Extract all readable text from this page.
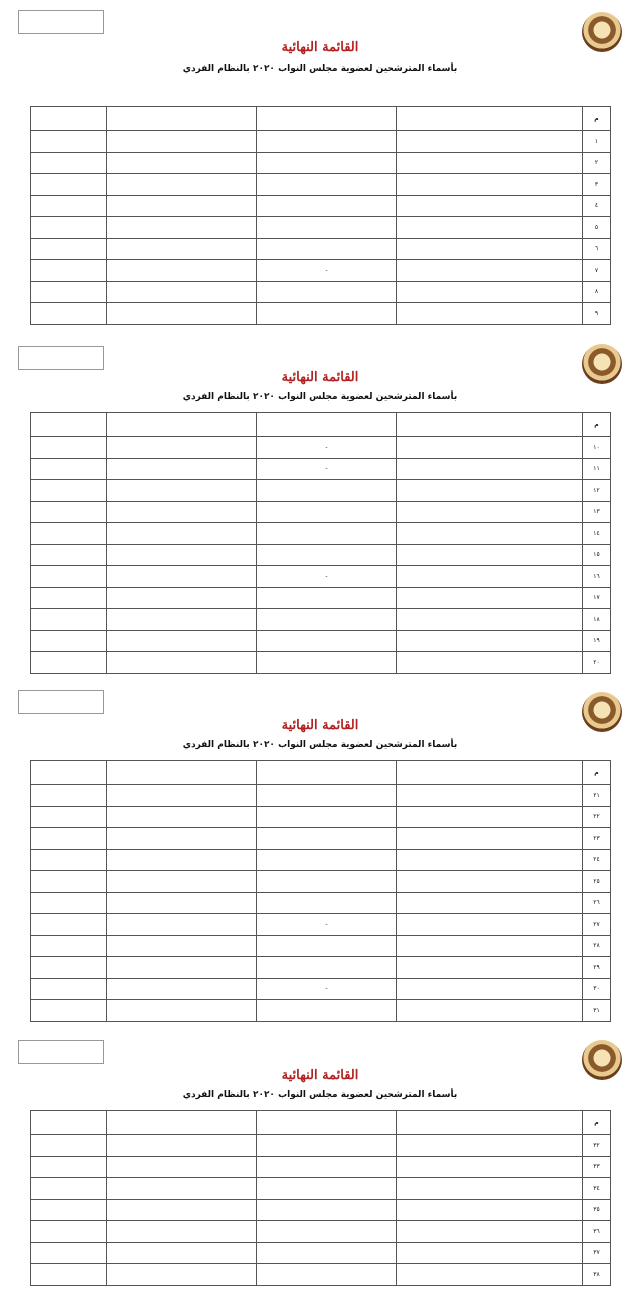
القائمة النهائية
بأسماء المترشحين لعضوية مجلس النواب ٢٠٢٠ بالنظام الفردي
م				
١				
٢				
٣				
٤				
٥				
٦				
٧		-		
٨				
٩				
القائمة النهائية
بأسماء المترشحين لعضوية مجلس النواب ٢٠٢٠ بالنظام الفردي
م				
١٠		-		
١١		-		
١٢				
١٣				
١٤				
١٥				
١٦		-		
١٧				
١٨				
١٩				
٢٠				
القائمة النهائية
بأسماء المترشحين لعضوية مجلس النواب ٢٠٢٠ بالنظام الفردي
م				
٢١				
٢٢				
٢٣				
٢٤				
٢٥				
٢٦				
٢٧		-		
٢٨				
٢٩				
٣٠		-		
٣١				
القائمة النهائية
بأسماء المترشحين لعضوية مجلس النواب ٢٠٢٠ بالنظام الفردي
م				
٣٢				
٣٣				
٣٤				
٣٥				
٣٦				
٣٧				
٣٨				
